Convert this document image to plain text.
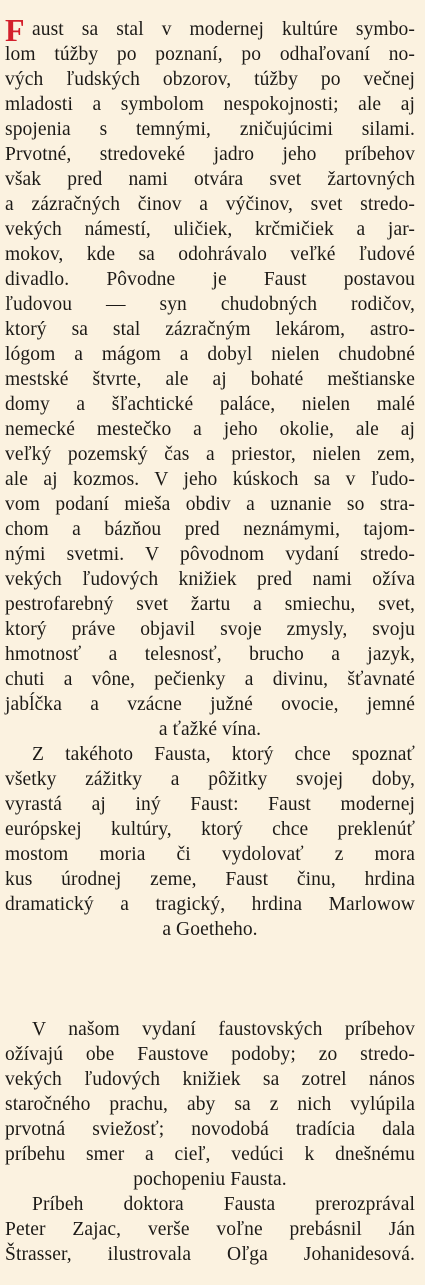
F aust sa stal v modernej kultúre symbo-
lom túžby po poznaní, po odhaľovaní no-
vých ľudských obzorov, túžby po večnej
mladosti a symbolom nespokojnosti; ale aj
spojenia s temnými, zničujúcimi silami.
Prvotné, stredoveké jadro jeho príbehov
však pred nami otvára svet žartovných
a zázračných činov a výčinov, svet stredo-
vekých námestí, uličiek, krčmičiek a jar-
mokov, kde sa odohrávalo veľké ľudové
divadlo. Pôvodne je Faust postavou
ľudovou — syn chudobných rodičov,
ktorý sa stal zázračným lekárom, astro-
lógom a mágom a dobyl nielen chudobné
mestské štvrte, ale aj bohaté meštianske
domy a šľachtické paláce, nielen malé
nemecké mestečko a jeho okolie, ale aj
veľký pozemský čas a priestor, nielen zem,
ale aj kozmos. V jeho kúskoch sa v ľudo-
vom podaní mieša obdiv a uznanie so stra-
chom a bázňou pred neznámymi, tajom-
nými svetmi. V pôvodnom vydaní stredo-
vekých ľudových knižiek pred nami ožíva
pestrofarebný svet žartu a smiechu, svet,
ktorý práve objavil svoje zmysly, svoju
hmotnosť a telesnosť, brucho a jazyk,
chuti a vône, pečienky a divinu, šťavnaté
jabĺčka a vzácne južné ovocie, jemné
a ťažké vína.
Z takéhoto Fausta, ktorý chce spoznať
všetky zážitky a pôžitky svojej doby,
vyrastá aj iný Faust: Faust modernej
európskej kultúry, ktorý chce preklenúť
mostom moria či vydolovať z mora
kus úrodnej zeme, Faust činu, hrdina
dramatický a tragický, hrdina Marlowow
a Goetheho.
V našom vydaní faustovských príbehov
ožívajú obe Faustove podoby; zo stredo-
vekých ľudových knižiek sa zotrel nános
staročného prachu, aby sa z nich vylúpila
prvotná sviežosť; novodobá tradícia dala
príbehu smer a cieľ, vedúci k dnešnému
pochopeniu Fausta.
Príbeh doktora Fausta prerozprával
Peter Zajac, verše voľne prebásnil Ján
Štrasser, ilustrovala Oľga Johanidesová.
